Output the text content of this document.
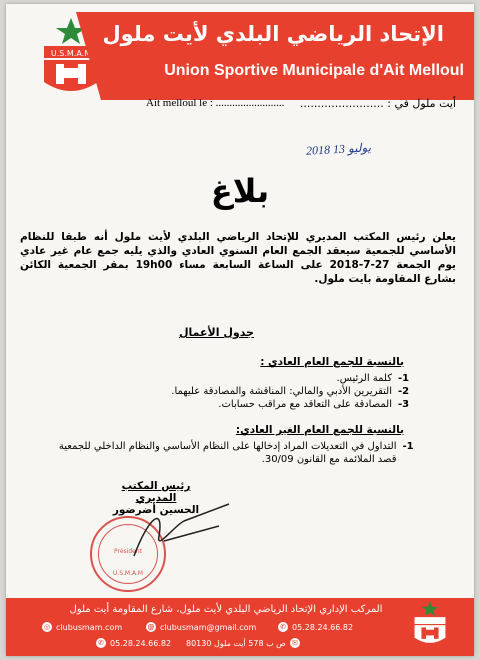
U.S.M.A.M
الإتحاد الرياضي البلدي لأيت ملول
Union Sportive Municipale d'Ait Melloul
Ait melloul le : ......................... أيت ملول في : ........................
2018 يوليو 13
بلاغ
يعلن رئيس المكتب المديري للإتحاد الرياضي البلدي لأيت ملول أنه طبقا للنظام الأساسي للجمعية سيعقد الجمع العام السنوي العادي والذي يليه جمع عام غير عادي يوم الجمعة 27-7-2018 على الساعة السابعة مساء 19h00 بمقر الجمعية الكائن بشارع المقاومة بايت ملول.
جدول الأعمال
بالنسبة للجمع العام العادي :
1-
كلمة الرئيس.
2-
التقريرين الأدبي والمالي: المناقشة والمصادقة عليهما.
3-
المصادقة على التعاقد مع مراقب حسابات.
بالنسبة للجمع العام الغير العادي:
1-
التداول في التعديلات المراد إدخالها على النظام الأساسي والنظام الداخلي للجمعية قصد الملائمة مع القانون 30/09.
رئيس المكتب المديري
الحسين أضرضور
Président
U.S.M.A.M
المركب الإداري الإتحاد الرياضي البلدي لأيت ملول، شارع المقاومة أيت ملول
◎ clubusmam.com	@ clubusmam@gmail.com	✆ 05.28.24.66.82
✆ 05.28.24.66.82	✉
ص ب 578 أيت ملول 80130
